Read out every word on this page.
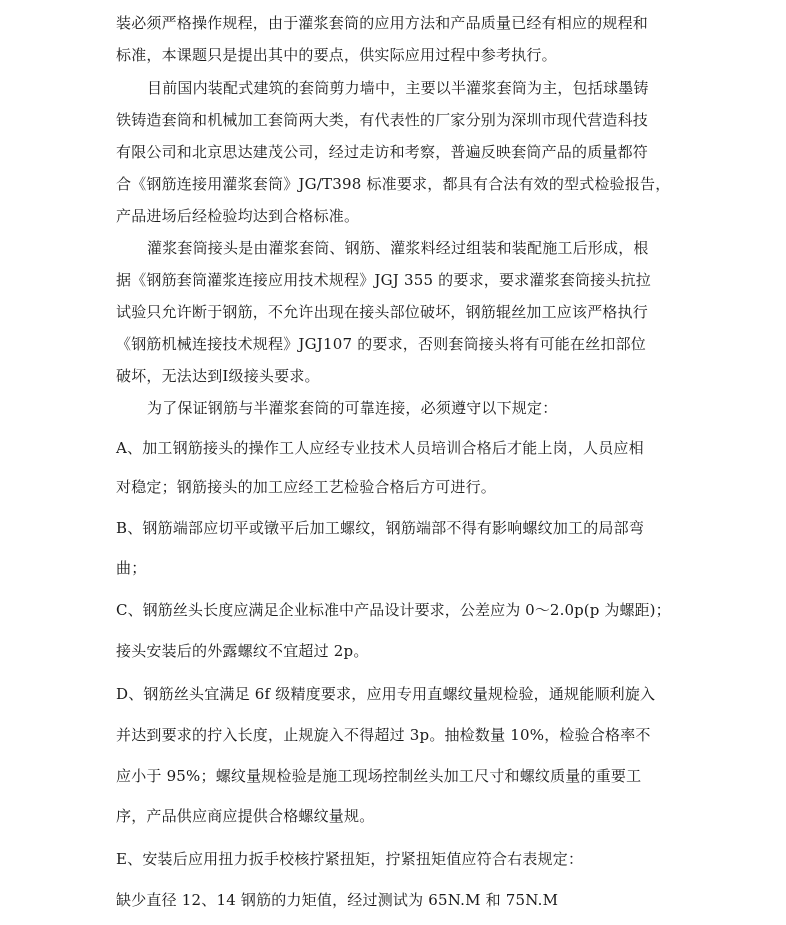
装必须严格操作规程，由于灌浆套筒的应用方法和产品质量已经有相应的规程和
标准，本课题只是提出其中的要点，供实际应用过程中参考执行。
目前国内装配式建筑的套筒剪力墙中，主要以半灌浆套筒为主，包括球墨铸
铁铸造套筒和机械加工套筒两大类，有代表性的厂家分别为深圳市现代营造科技
有限公司和北京思达建茂公司，经过走访和考察，普遍反映套筒产品的质量都符
合《钢筋连接用灌浆套筒》JG/T398 标准要求，都具有合法有效的型式检验报告，
产品进场后经检验均达到合格标准。
灌浆套筒接头是由灌浆套筒、钢筋、灌浆料经过组装和装配施工后形成，根
据《钢筋套筒灌浆连接应用技术规程》JGJ 355 的要求，要求灌浆套筒接头抗拉
试验只允许断于钢筋，不允许出现在接头部位破坏，钢筋辊丝加工应该严格执行
《钢筋机械连接技术规程》JGJ107 的要求，否则套筒接头将有可能在丝扣部位
破坏，无法达到Ⅰ级接头要求。
为了保证钢筋与半灌浆套筒的可靠连接，必须遵守以下规定：
A、加工钢筋接头的操作工人应经专业技术人员培训合格后才能上岗，人员应相
对稳定；钢筋接头的加工应经工艺检验合格后方可进行。
B、钢筋端部应切平或镦平后加工螺纹，钢筋端部不得有影响螺纹加工的局部弯
曲；
C、钢筋丝头长度应满足企业标准中产品设计要求，公差应为 0～2.0p(p 为螺距)；
接头安装后的外露螺纹不宜超过 2p。
D、钢筋丝头宜满足 6f 级精度要求，应用专用直螺纹量规检验，通规能顺利旋入
并达到要求的拧入长度，止规旋入不得超过 3p。抽检数量 10%，检验合格率不
应小于 95%；螺纹量规检验是施工现场控制丝头加工尺寸和螺纹质量的重要工
序，产品供应商应提供合格螺纹量规。
E、安装后应用扭力扳手校核拧紧扭矩，拧紧扭矩值应符合右表规定：
缺少直径 12、14 钢筋的力矩值，经过测试为 65N.M 和 75N.M
